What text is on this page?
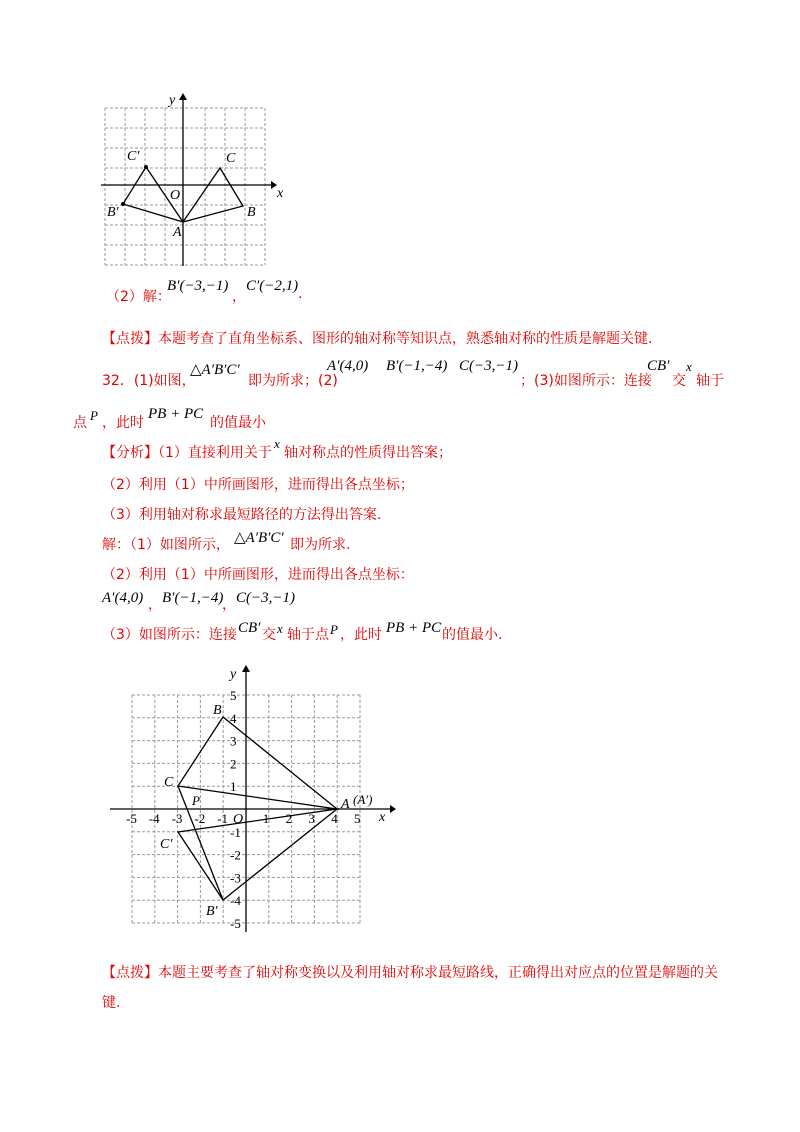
x
y
O
A
B
C
B′
C′
（2）解：
B′(−3,−1)
，
C′(−2,1) .
【点拨】本题考查了直角坐标系、图形的轴对称等知识点，熟悉轴对称的性质是解题关键.
32．(1)如图，
△A′B′C′
即为所求；(2)
A′(4,0) B′(−1,−4) C(−3,−1)
；(3)如图所示：连接
CB′
交
x
轴于
点 P ，此时
PB + PC
的值最小
【分析】（1）直接利用关于
x
轴对称点的性质得出答案；
（2）利用（1）中所画图形，进而得出各点坐标；
（3）利用轴对称求最短路径的方法得出答案.
解：（1）如图所示， △A′B′C′ 即为所求.
（2）利用（1）中所画图形，进而得出各点坐标：
A′(4,0) ， B′(−1,−4)
， C(−3,−1)
（3）如图所示：连接 CB′ 交 x 轴于点 P ，此时 PB + PC 的值最小.
x
y
O
-5 -4 -3 -2 -1	1 2 3 4 5
5
4
3
2
1
-1
-2
-3
-4
-5
A (A′)
B
B′
C
C′
P
【点拨】本题主要考查了轴对称变换以及利用轴对称求最短路线，正确得出对应点的位置是解题的关
键.
